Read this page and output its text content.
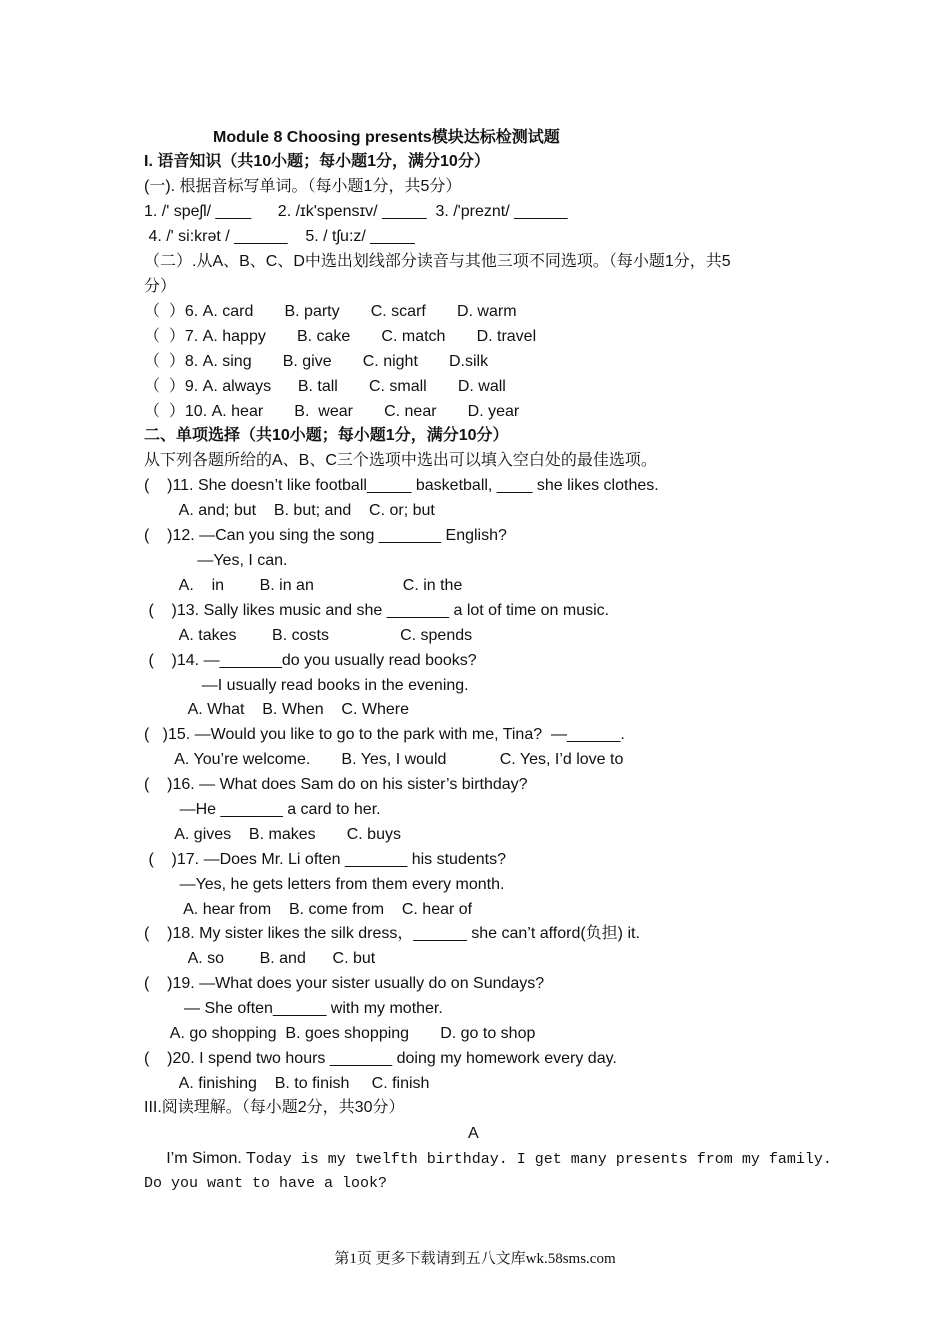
Module 8 Choosing presents模块达标检测试题
I. 语音知识（共10小题；每小题1分，满分10分）
(一). 根据音标写单词。（每小题1分，共5分）
1. /' speʃl/ ____      2. /ɪk'spensɪv/ _____  3. /'preznt/ ______
4. /' si:krət / ______    5. / tʃu:z/ _____
（二）.从A、B、C、D中选出划线部分读音与其他三项不同选项。（每小题1分，共5
分）
（  ）6. A. card       B. party       C. scarf       D. warm
（  ）7. A. happy       B. cake       C. match       D. travel
（  ）8. A. sing       B. give       C. night       D.silk
（  ）9. A. always      B. tall       C. small       D. wall
（  ）10. A. hear       B.  wear       C. near       D. year
二、单项选择（共10小题；每小题1分，满分10分）
从下列各题所给的A、B、C三个选项中选出可以填入空白处的最佳选项。
(    )11. She doesn’t like football_____ basketball, ____ she likes clothes.
A. and; but    B. but; and    C. or; but
(    )12. —Can you sing the song _______ English?
—Yes, I can.
A.    in        B. in an                    C. in the
(    )13. Sally likes music and she _______ a lot of time on music.
A. takes        B. costs                C. spends
(    )14. —_______do you usually read books?
—I usually read books in the evening.
A. What    B. When    C. Where
(   )15. —Would you like to go to the park with me, Tina?  —______.
A. You’re welcome.       B. Yes, I would            C. Yes, I’d love to
(    )16. — What does Sam do on his sister’s birthday?
—He _______ a card to her.
A. gives    B. makes       C. buys
(    )17. —Does Mr. Li often _______ his students?
—Yes, he gets letters from them every month.
A. hear from    B. come from    C. hear of
(    )18. My sister likes the silk dress，______ she can’t afford(负担) it.
A. so        B. and      C. but
(    )19. —What does your sister usually do on Sundays?
— She often______ with my mother.
A. go shopping  B. goes shopping       D. go to shop
(    )20. I spend two hours _______ doing my homework every day.
A. finishing    B. to finish     C. finish
III.阅读理解。（每小题2分，共30分）
A
I’m Simon. Today is my twelfth birthday. I get many presents from my family.
Do you want to have a look?
第1页 更多下载请到五八文库wk.58sms.com
